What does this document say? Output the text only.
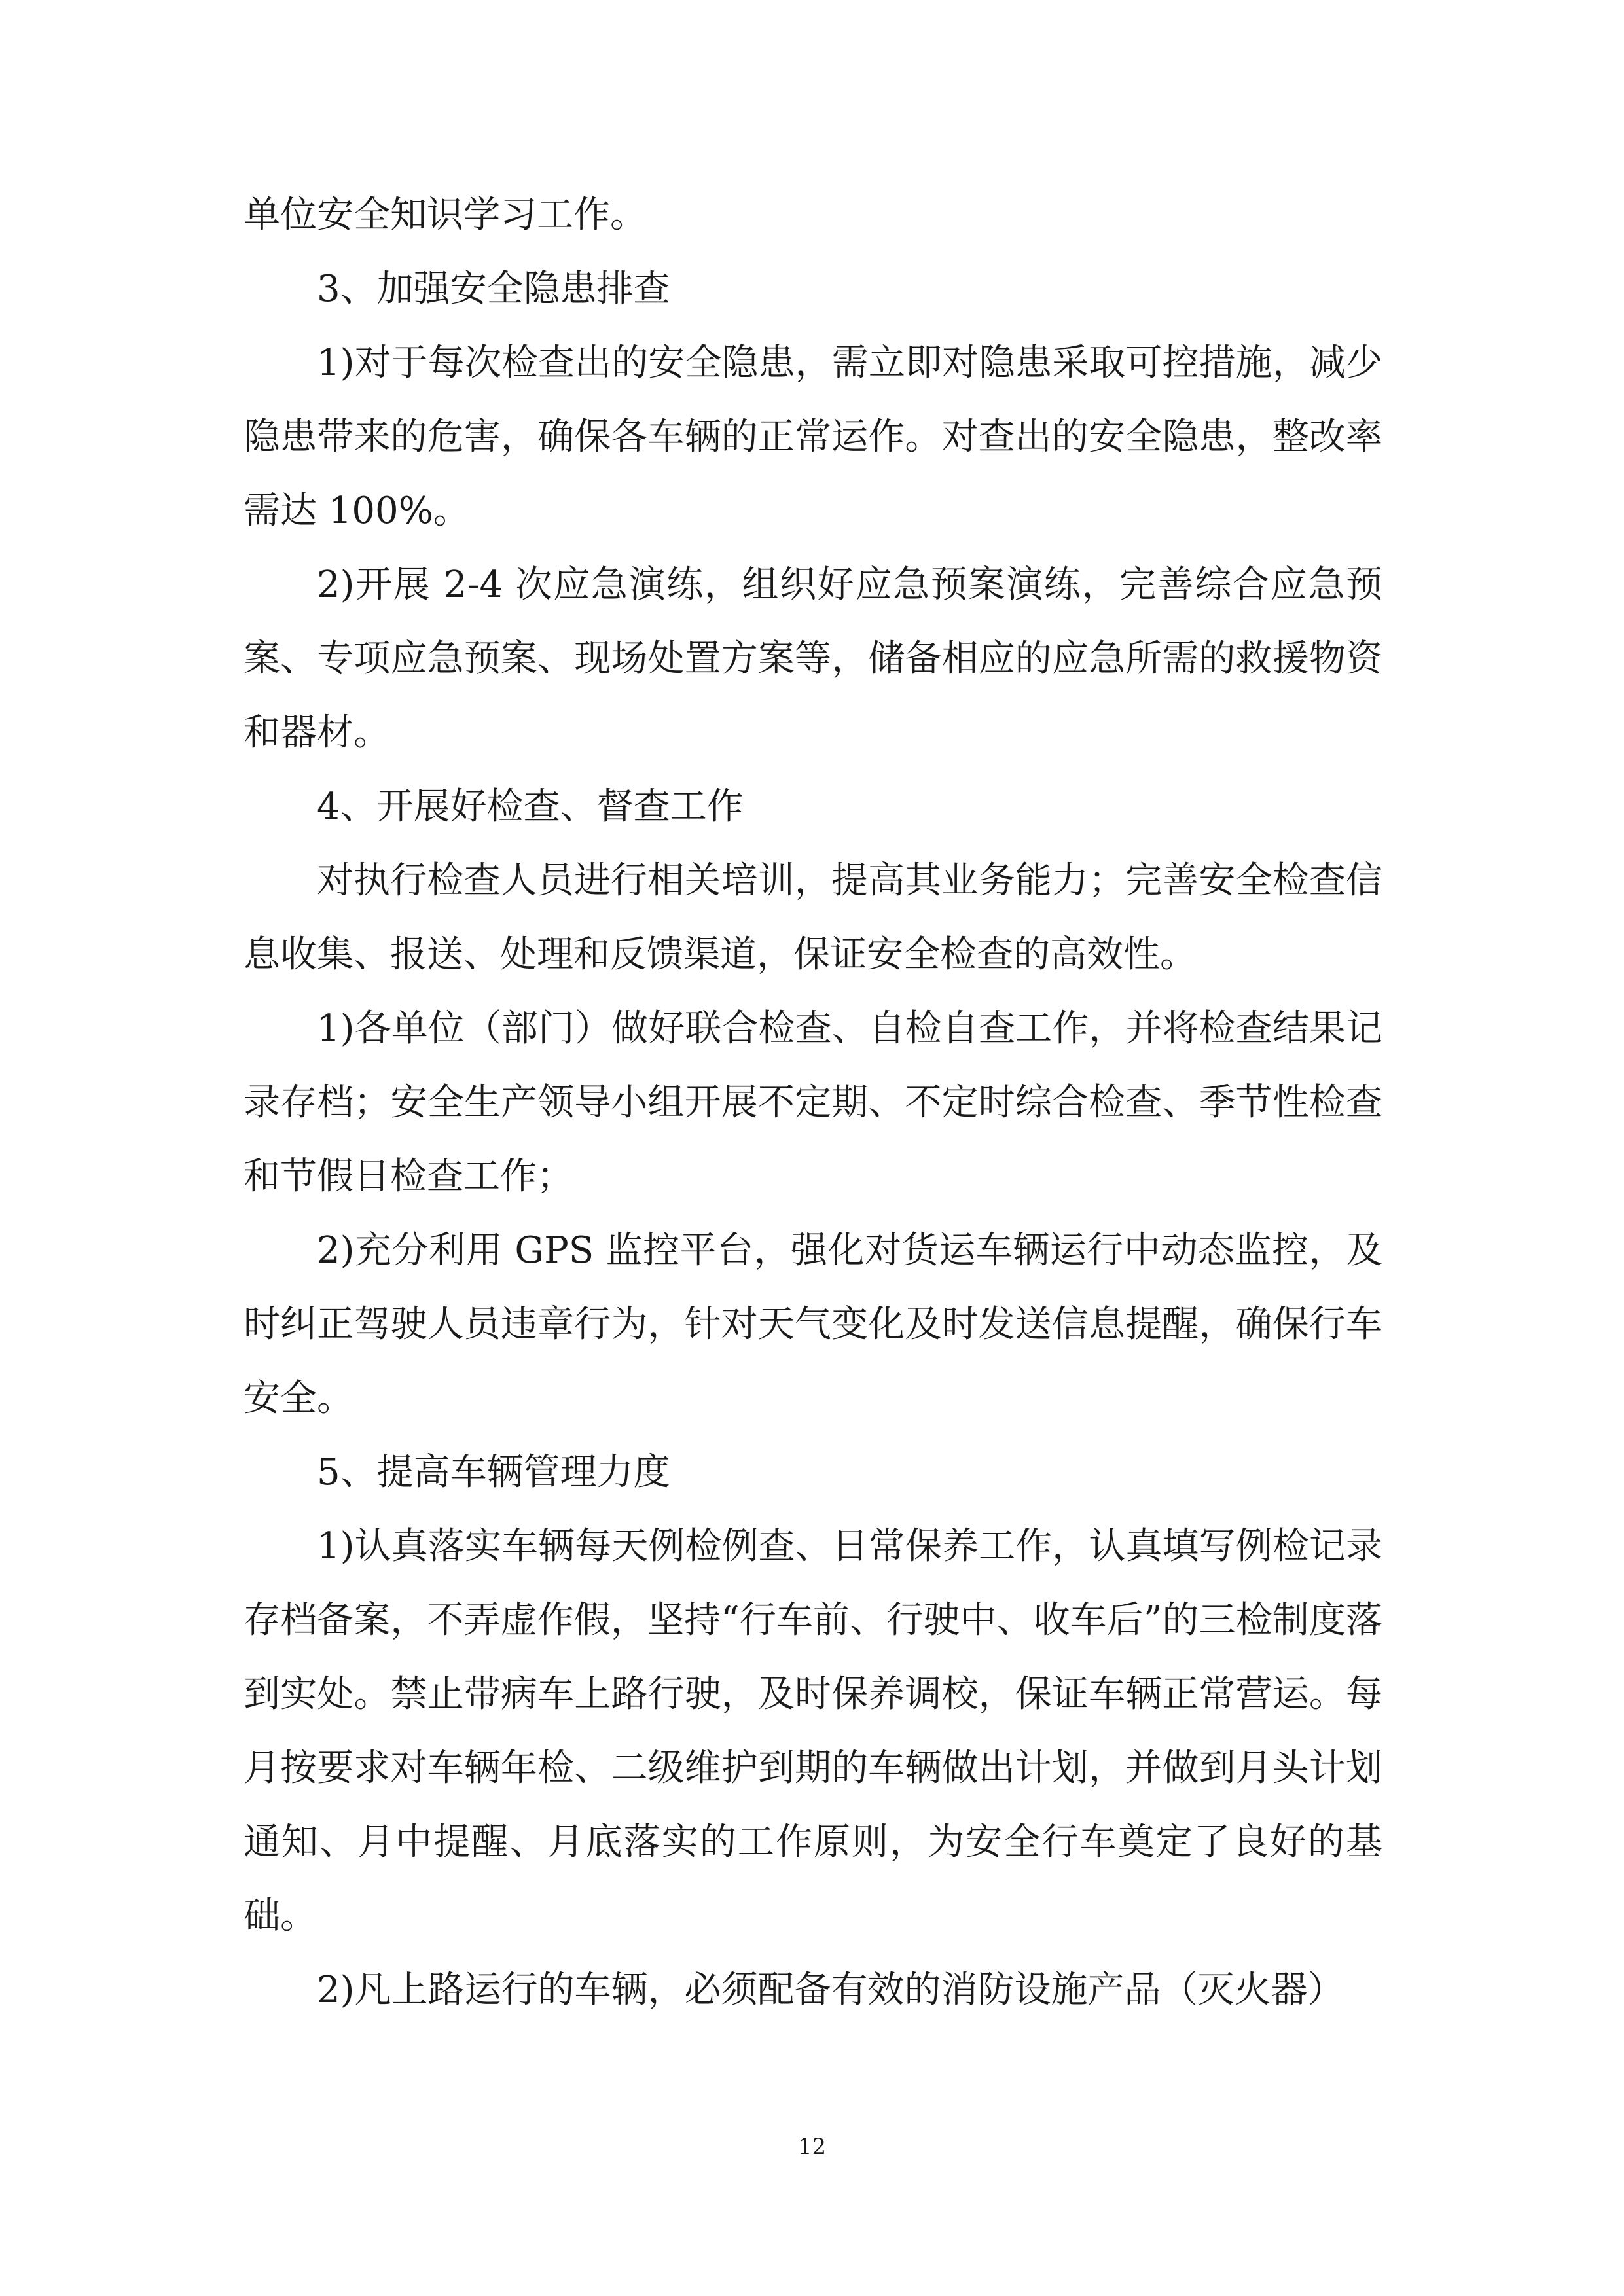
单位安全知识学习工作。

3、加强安全隐患排查

1)对于每次检查出的安全隐患，需立即对隐患采取可控措施，减少隐患带来的危害，确保各车辆的正常运作。对查出的安全隐患，整改率需达 100%。

2)开展 2-4 次应急演练，组织好应急预案演练，完善综合应急预案、专项应急预案、现场处置方案等，储备相应的应急所需的救援物资和器材。

4、开展好检查、督查工作

对执行检查人员进行相关培训，提高其业务能力；完善安全检查信息收集、报送、处理和反馈渠道，保证安全检查的高效性。

1)各单位（部门）做好联合检查、自检自查工作，并将检查结果记录存档；安全生产领导小组开展不定期、不定时综合检查、季节性检查和节假日检查工作；

2)充分利用 GPS 监控平台，强化对货运车辆运行中动态监控，及时纠正驾驶人员违章行为，针对天气变化及时发送信息提醒，确保行车安全。

5、提高车辆管理力度

1)认真落实车辆每天例检例查、日常保养工作，认真填写例检记录存档备案，不弄虚作假，坚持“行车前、行驶中、收车后”的三检制度落到实处。禁止带病车上路行驶，及时保养调校，保证车辆正常营运。每月按要求对车辆年检、二级维护到期的车辆做出计划，并做到月头计划通知、月中提醒、月底落实的工作原则，为安全行车奠定了良好的基础。

2)凡上路运行的车辆，必须配备有效的消防设施产品（灭火器）

12
